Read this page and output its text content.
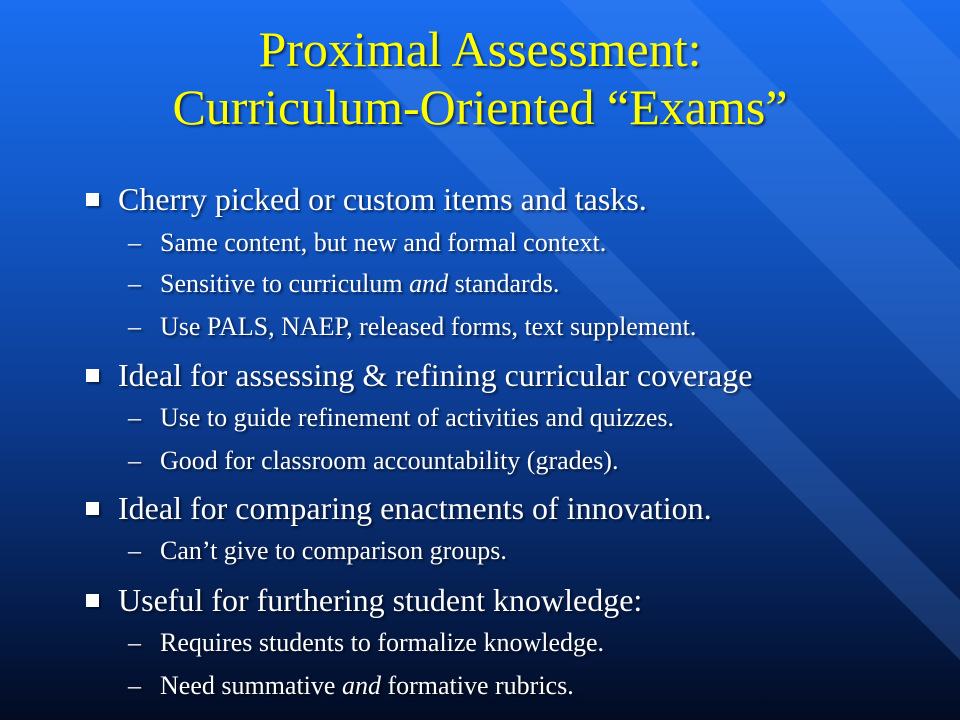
Proximal Assessment:
Curriculum-Oriented “Exams”
Cherry picked or custom items and tasks.
– Same content, but new and formal context.
– Sensitive to curriculum and standards.
– Use PALS, NAEP, released forms, text supplement.
Ideal for assessing & refining curricular coverage
– Use to guide refinement of activities and quizzes.
– Good for classroom accountability (grades).
Ideal for comparing enactments of innovation.
– Can’t give to comparison groups.
Useful for furthering student knowledge:
– Requires students to formalize knowledge.
– Need summative and formative rubrics.
